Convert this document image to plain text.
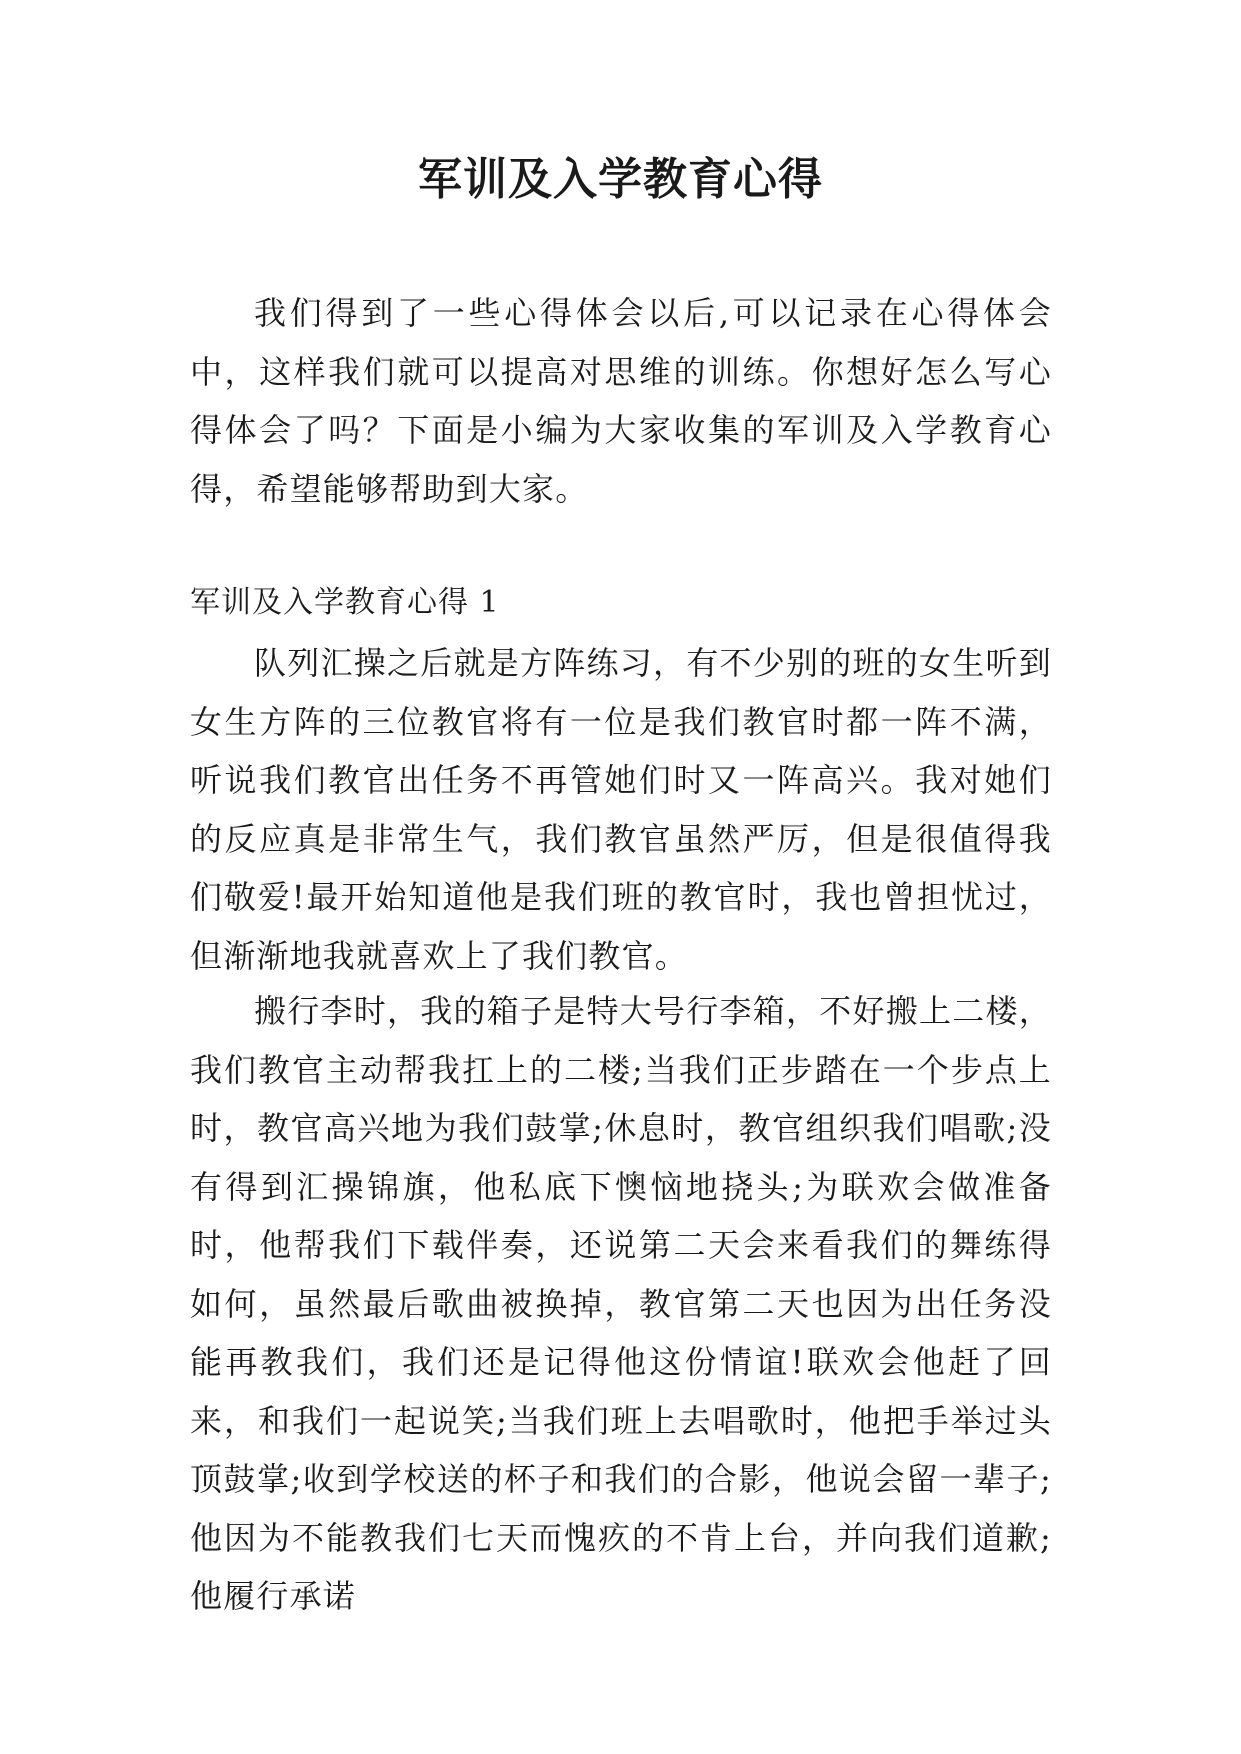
军训及入学教育心得

我们得到了一些心得体会以后,可以记录在心得体会中，这样我们就可以提高对思维的训练。你想好怎么写心得体会了吗？下面是小编为大家收集的军训及入学教育心得，希望能够帮助到大家。

军训及入学教育心得 1

队列汇操之后就是方阵练习，有不少别的班的女生听到女生方阵的三位教官将有一位是我们教官时都一阵不满，听说我们教官出任务不再管她们时又一阵高兴。我对她们的反应真是非常生气，我们教官虽然严厉，但是很值得我们敬爱!最开始知道他是我们班的教官时，我也曾担忧过，但渐渐地我就喜欢上了我们教官。

搬行李时，我的箱子是特大号行李箱，不好搬上二楼，我们教官主动帮我扛上的二楼;当我们正步踏在一个步点上时，教官高兴地为我们鼓掌;休息时，教官组织我们唱歌;没有得到汇操锦旗，他私底下懊恼地挠头;为联欢会做准备时，他帮我们下载伴奏，还说第二天会来看我们的舞练得如何，虽然最后歌曲被换掉，教官第二天也因为出任务没能再教我们，我们还是记得他这份情谊!联欢会他赶了回来，和我们一起说笑;当我们班上去唱歌时，他把手举过头顶鼓掌;收到学校送的杯子和我们的合影，他说会留一辈子;他因为不能教我们七天而愧疚的不肯上台，并向我们道歉;他履行承诺
